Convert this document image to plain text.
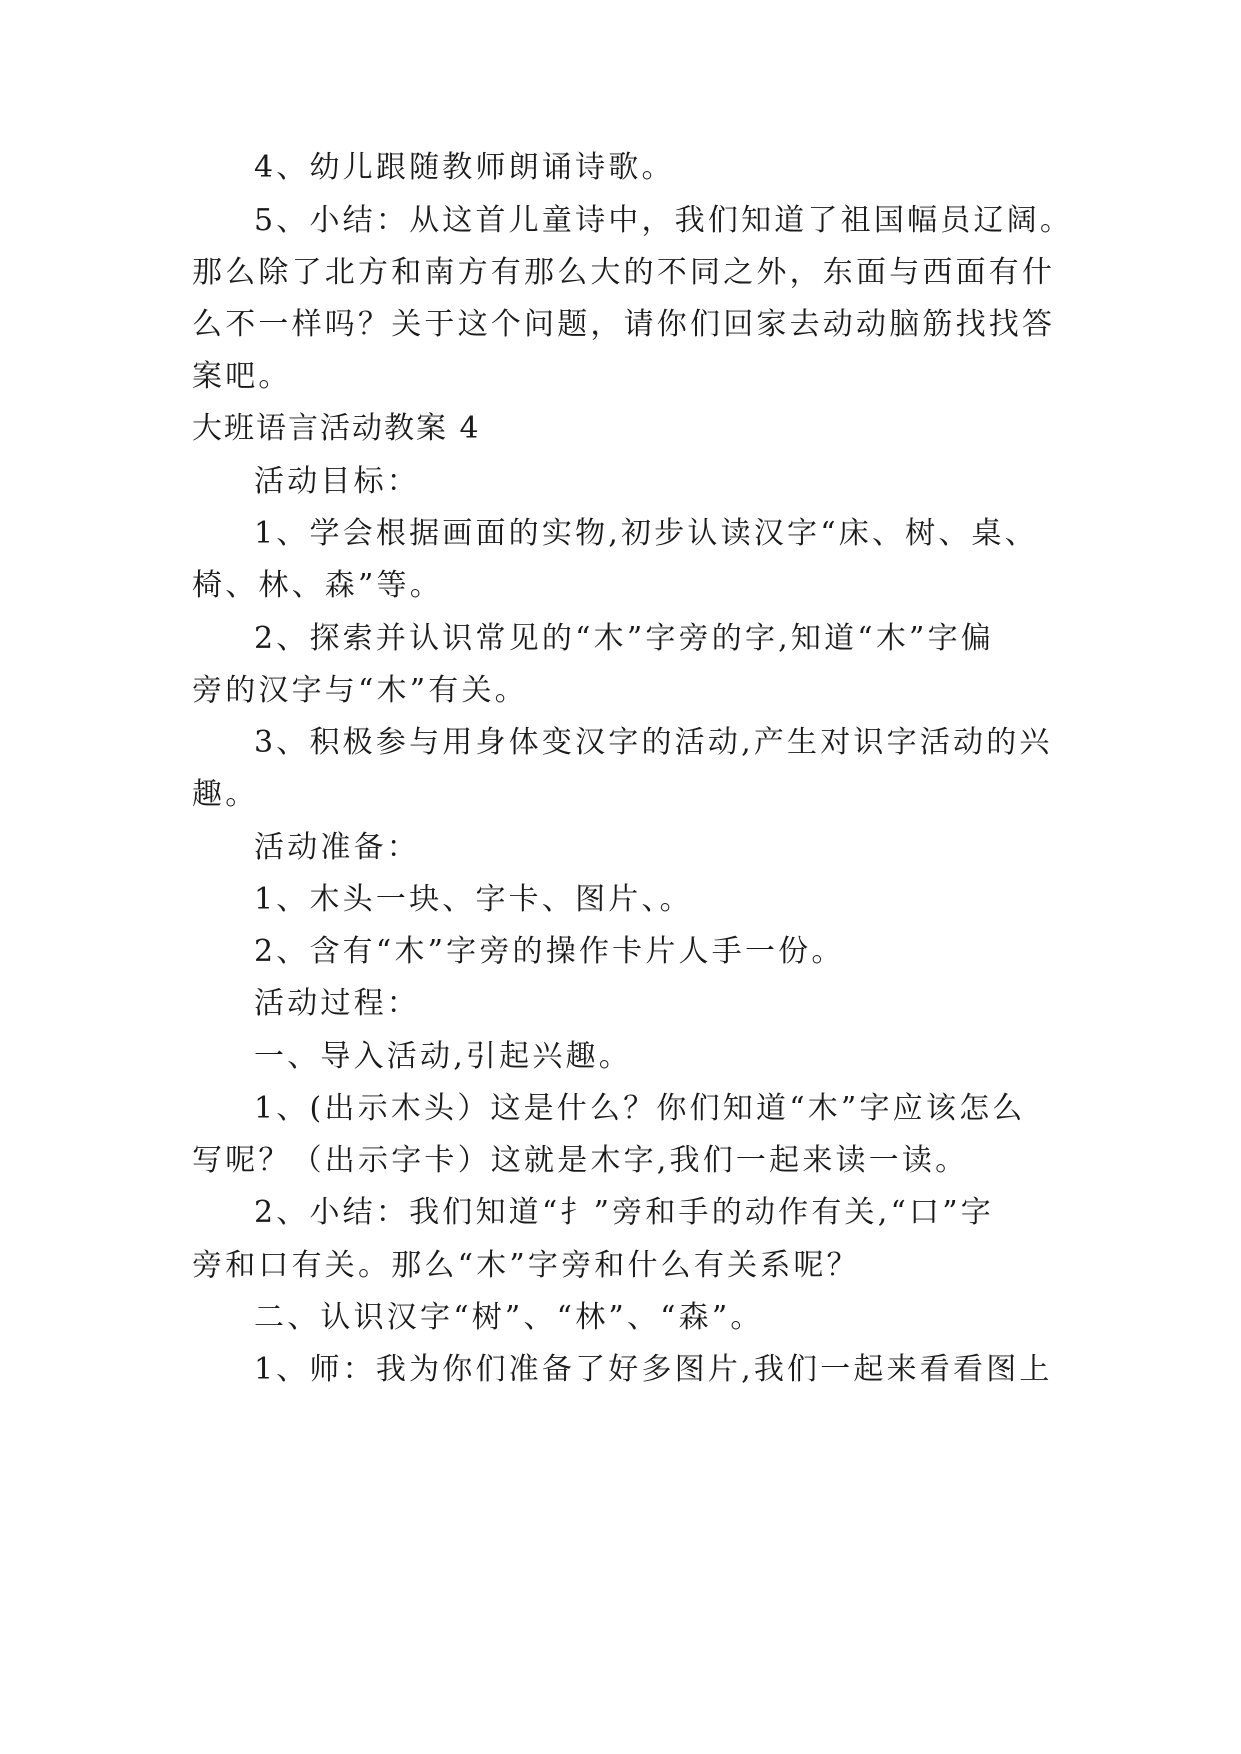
4、幼儿跟随教师朗诵诗歌。
5、小结：从这首儿童诗中，我们知道了祖国幅员辽阔。
那么除了北方和南方有那么大的不同之外，东面与西面有什
么不一样吗？关于这个问题，请你们回家去动动脑筋找找答
案吧。
大班语言活动教案 4
活动目标：
1、学会根据画面的实物,初步认读汉字“床、树、桌、
椅、林、森”等。
2、探索并认识常见的“木”字旁的字,知道“木”字偏
旁的汉字与“木”有关。
3、积极参与用身体变汉字的活动,产生对识字活动的兴
趣。
活动准备：
1、木头一块、字卡、图片、。
2、含有“木”字旁的操作卡片人手一份。
活动过程：
一、导入活动,引起兴趣。
1、(出示木头）这是什么？你们知道“木”字应该怎么
写呢？（出示字卡）这就是木字,我们一起来读一读。
2、小结：我们知道“扌”旁和手的动作有关,“口”字
旁和口有关。那么“木”字旁和什么有关系呢？
二、认识汉字“树”、“林”、“森”。
1、师：我为你们准备了好多图片,我们一起来看看图上
